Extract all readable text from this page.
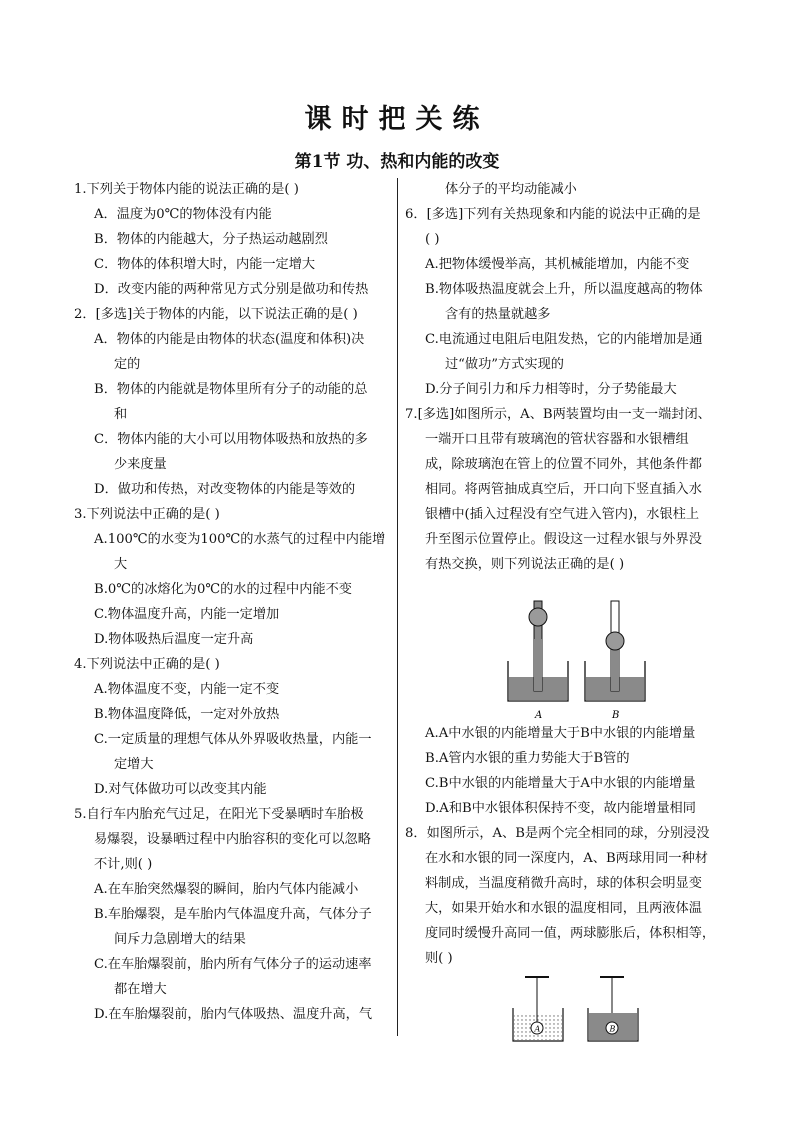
课时把关练
第1节 功、热和内能的改变
1.下列关于物体内能的说法正确的是( )
A．温度为0℃的物体没有内能
B．物体的内能越大，分子热运动越剧烈
C．物体的体积增大时，内能一定增大
D．改变内能的两种常见方式分别是做功和传热
2．[多选]关于物体的内能，以下说法正确的是( )
A．物体的内能是由物体的状态(温度和体积)决
定的
B．物体的内能就是物体里所有分子的动能的总
和
C．物体内能的大小可以用物体吸热和放热的多
少来度量
D．做功和传热，对改变物体的内能是等效的
3.下列说法中正确的是( )
A.100℃的水变为100℃的水蒸气的过程中内能增
大
B.0℃的冰熔化为0℃的水的过程中内能不变
C.物体温度升高，内能一定增加
D.物体吸热后温度一定升高
4.下列说法中正确的是( )
A.物体温度不变，内能一定不变
B.物体温度降低，一定对外放热
C.一定质量的理想气体从外界吸收热量，内能一
定增大
D.对气体做功可以改变其内能
5.自行车内胎充气过足，在阳光下受暴晒时车胎极
易爆裂，设暴晒过程中内胎容积的变化可以忽略
不计,则( )
A.在车胎突然爆裂的瞬间，胎内气体内能减小
B.车胎爆裂，是车胎内气体温度升高，气体分子
间斥力急剧增大的结果
C.在车胎爆裂前，胎内所有气体分子的运动速率
都在增大
D.在车胎爆裂前，胎内气体吸热、温度升高，气
体分子的平均动能减小
6．[多选]下列有关热现象和内能的说法中正确的是
( )
A.把物体缓慢举高，其机械能增加，内能不变
B.物体吸热温度就会上升，所以温度越高的物体
含有的热量就越多
C.电流通过电阻后电阻发热，它的内能增加是通
过“做功”方式实现的
D.分子间引力和斥力相等时，分子势能最大
7.[多选]如图所示，A、B两装置均由一支一端封闭、
一端开口且带有玻璃泡的管状容器和水银槽组
成，除玻璃泡在管上的位置不同外，其他条件都
相同。将两管抽成真空后，开口向下竖直插入水
银槽中(插入过程没有空气进入管内)，水银柱上
升至图示位置停止。假设这一过程水银与外界没
有热交换，则下列说法正确的是( )
A	B
A.A中水银的内能增量大于B中水银的内能增量
B.A管内水银的重力势能大于B管的
C.B中水银的内能增量大于A中水银的内能增量
D.A和B中水银体积保持不变，故内能增量相同
8．如图所示，A、B是两个完全相同的球，分别浸没
在水和水银的同一深度内，A、B两球用同一种材
料制成，当温度稍微升高时，球的体积会明显变
大，如果开始水和水银的温度相同，且两液体温
度同时缓慢升高同一值，两球膨胀后，体积相等，
则( )
A	B
